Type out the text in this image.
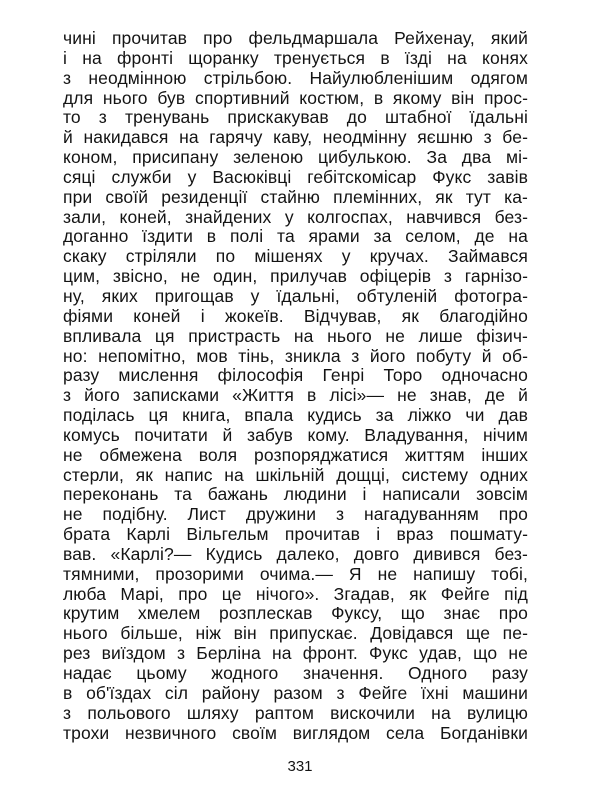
чині прочитав про фельдмаршала Рейхенау, який
і на фронті щоранку тренується в їзді на конях
з неодмінною стрільбою. Найулюбленішим одягом
для нього був спортивний костюм, в якому він прос-
то з тренувань прискакував до штабної їдальні
й накидався на гарячу каву, неодмінну яєшню з бе-
коном, присипану зеленою цибулькою. За два мі-
сяці служби у Васюківці гебітскомісар Фукс завів
при своїй резиденції стайню племінних, як тут ка-
зали, коней, знайдених у колгоспах, навчився без-
доганно їздити в полі та ярами за селом, де на
скаку стріляли по мішенях у кручах. Займався
цим, звісно, не один, прилучав офіцерів з гарнізо-
ну, яких пригощав у їдальні, обтуленій фотогра-
фіями коней і жокеїв. Відчував, як благодійно
впливала ця пристрасть на нього не лише фізич-
но: непомітно, мов тінь, зникла з його побуту й об-
разу мислення філософія Генрі Торо одночасно
з його записками «Життя в лісі»— не знав, де й
поділась ця книга, впала кудись за ліжко чи дав
комусь почитати й забув кому. Владування, нічим
не обмежена воля розпоряджатися життям інших
стерли, як напис на шкільній дощці, систему одних
переконань та бажань людини і написали зовсім
не подібну. Лист дружини з нагадуванням про
брата Карлі Вільгельм прочитав і враз пошмату-
вав. «Карлі?— Кудись далеко, довго дивився без-
тямними, прозорими очима.— Я не напишу тобі,
люба Марі, про це нічого». Згадав, як Фейге під
крутим хмелем розплескав Фуксу, що знає про
нього більше, ніж він припускає. Довідався ще пе-
рез виїздом з Берліна на фронт. Фукс удав, що не
надає цьому жодного значення. Одного разу
в об'їздах сіл району разом з Фейге їхні машини
з польового шляху раптом вискочили на вулицю
трохи незвичного своїм виглядом села Богданівки
331
